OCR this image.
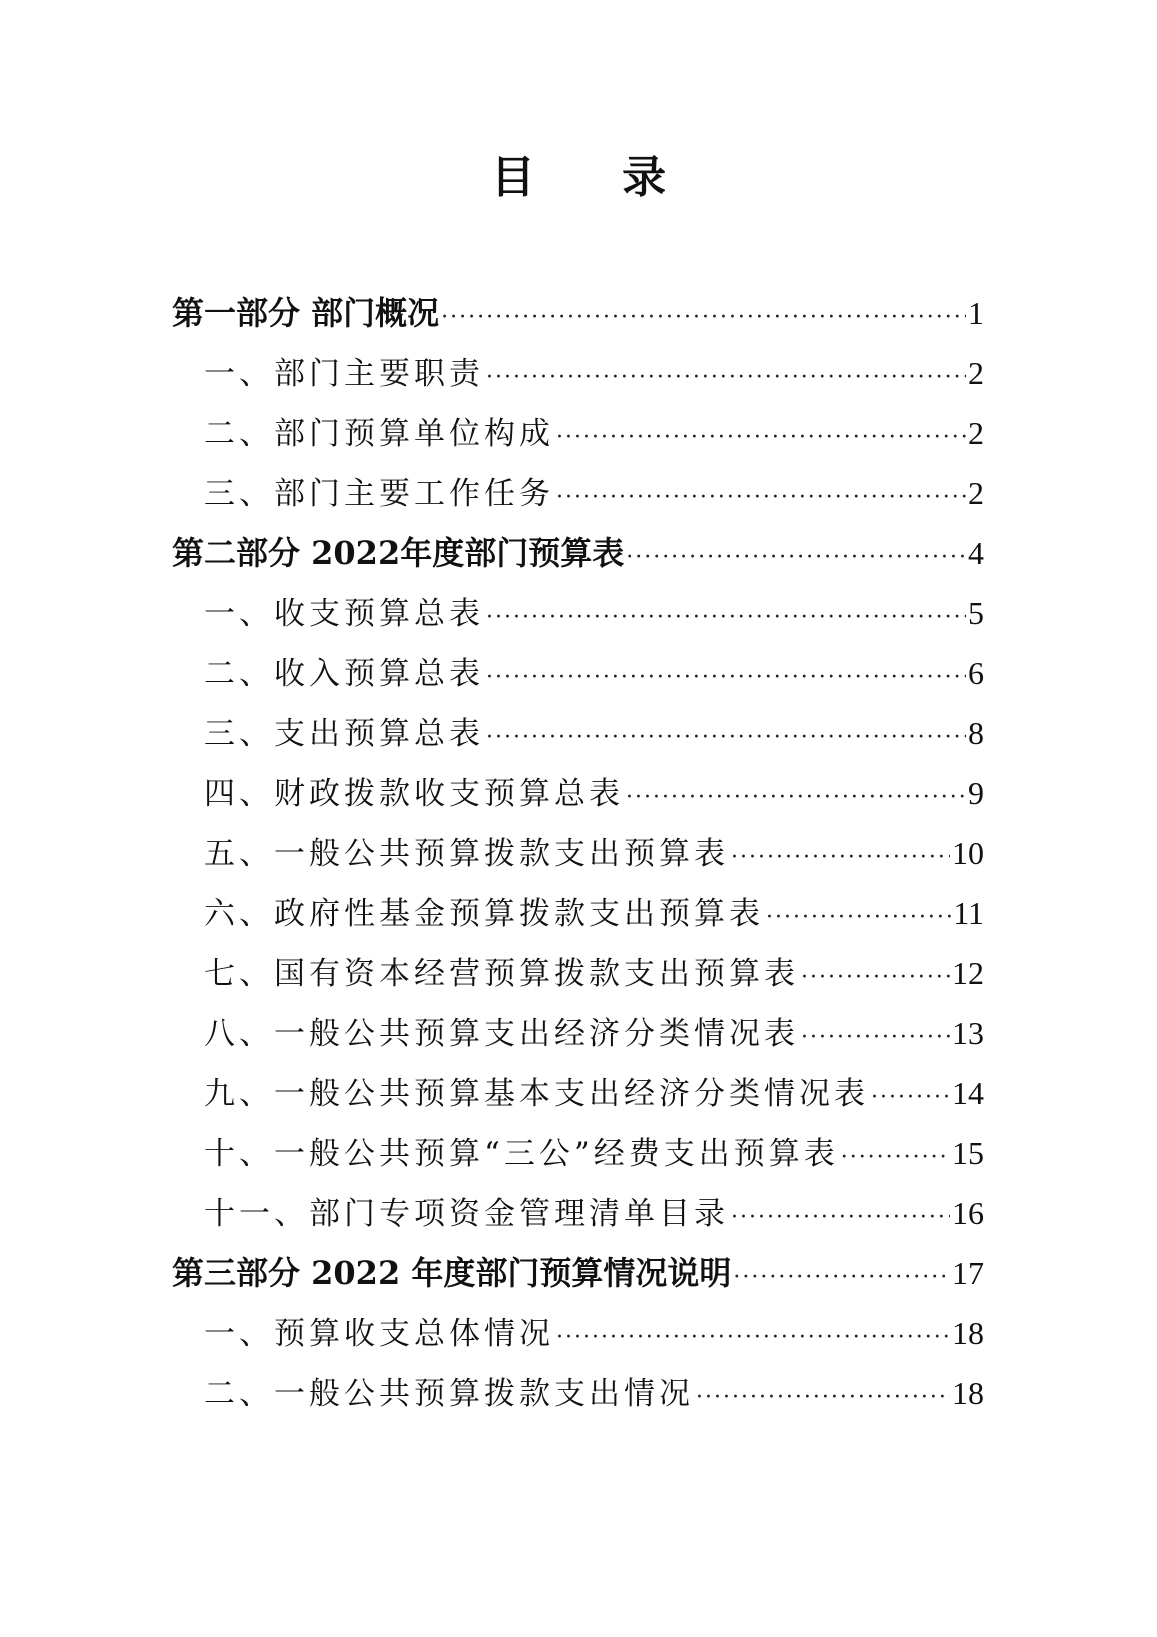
目 录
第一部分 部门概况 ·····	1
一、部门主要职责 ·····	2
二、部门预算单位构成 ·····	2
三、部门主要工作任务 ·····	2
第二部分 2022年度部门预算表 ·····	4
一、收支预算总表 ·····	5
二、收入预算总表 ·····	6
三、支出预算总表 ·····	8
四、财政拨款收支预算总表 ·····	9
五、一般公共预算拨款支出预算表 ·····	10
六、政府性基金预算拨款支出预算表 ·····	11
七、国有资本经营预算拨款支出预算表 ·····	12
八、一般公共预算支出经济分类情况表 ·····	13
九、一般公共预算基本支出经济分类情况表 ·····	14
十、一般公共预算“三公”经费支出预算表 ·····	15
十一、部门专项资金管理清单目录 ·····	16
第三部分 2022 年度部门预算情况说明 ·····	17
一、预算收支总体情况 ·····	18
二、一般公共预算拨款支出情况 ·····	18
